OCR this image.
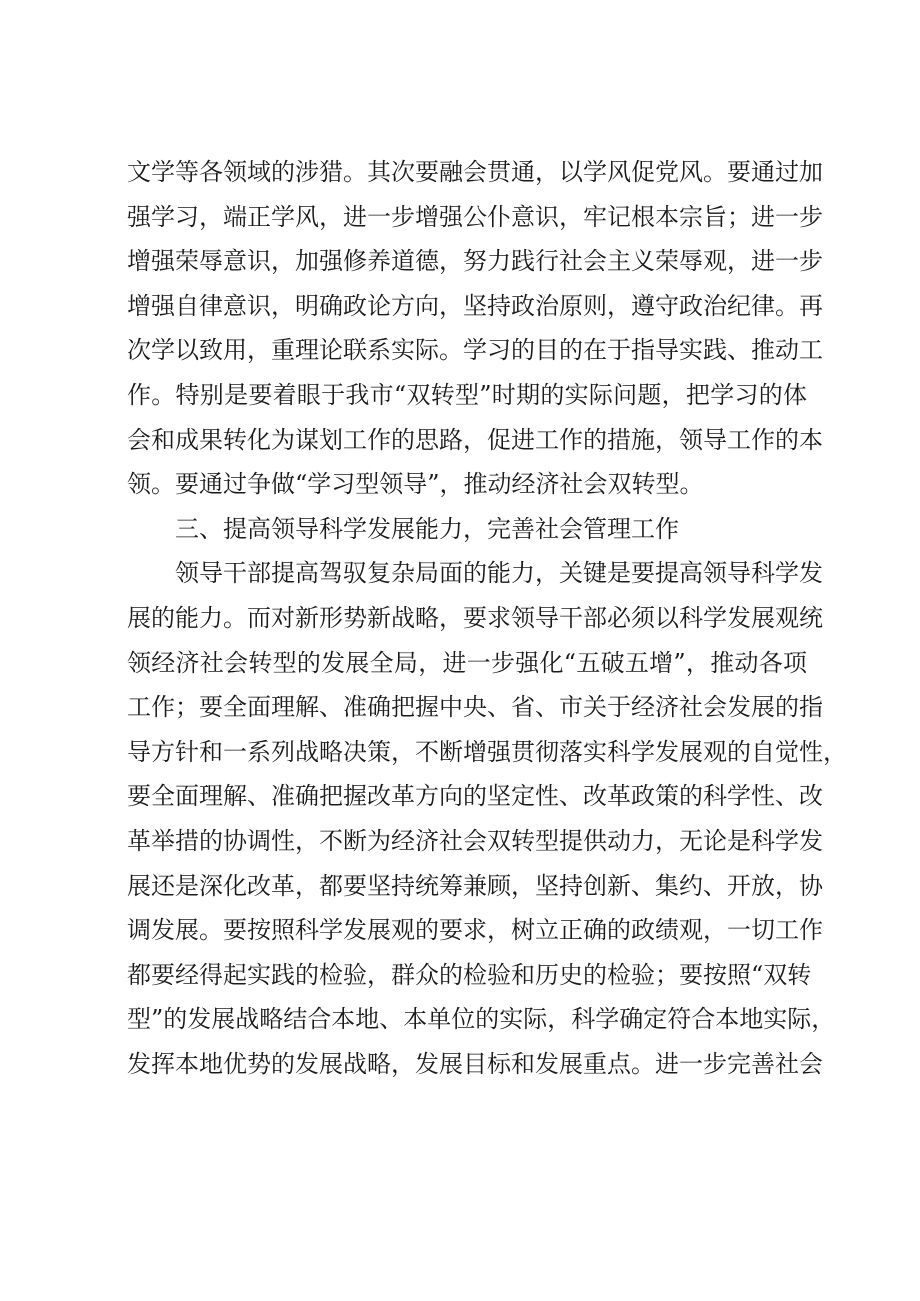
文学等各领域的涉猎。其次要融会贯通，以学风促党风。要通过加
强学习，端正学风，进一步增强公仆意识，牢记根本宗旨；进一步
增强荣辱意识，加强修养道德，努力践行社会主义荣辱观，进一步
增强自律意识，明确政论方向，坚持政治原则，遵守政治纪律。再
次学以致用，重理论联系实际。学习的目的在于指导实践、推动工
作。特别是要着眼于我市“双转型”时期的实际问题，把学习的体
会和成果转化为谋划工作的思路，促进工作的措施，领导工作的本
领。要通过争做“学习型领导”，推动经济社会双转型。
三、提高领导科学发展能力，完善社会管理工作
领导干部提高驾驭复杂局面的能力，关键是要提高领导科学发
展的能力。而对新形势新战略，要求领导干部必须以科学发展观统
领经济社会转型的发展全局，进一步强化“五破五增”，推动各项
工作；要全面理解、准确把握中央、省、市关于经济社会发展的指
导方针和一系列战略决策，不断增强贯彻落实科学发展观的自觉性，
要全面理解、准确把握改革方向的坚定性、改革政策的科学性、改
革举措的协调性，不断为经济社会双转型提供动力，无论是科学发
展还是深化改革，都要坚持统筹兼顾，坚持创新、集约、开放，协
调发展。要按照科学发展观的要求，树立正确的政绩观，一切工作
都要经得起实践的检验，群众的检验和历史的检验；要按照“双转
型”的发展战略结合本地、本单位的实际，科学确定符合本地实际，
发挥本地优势的发展战略，发展目标和发展重点。进一步完善社会
